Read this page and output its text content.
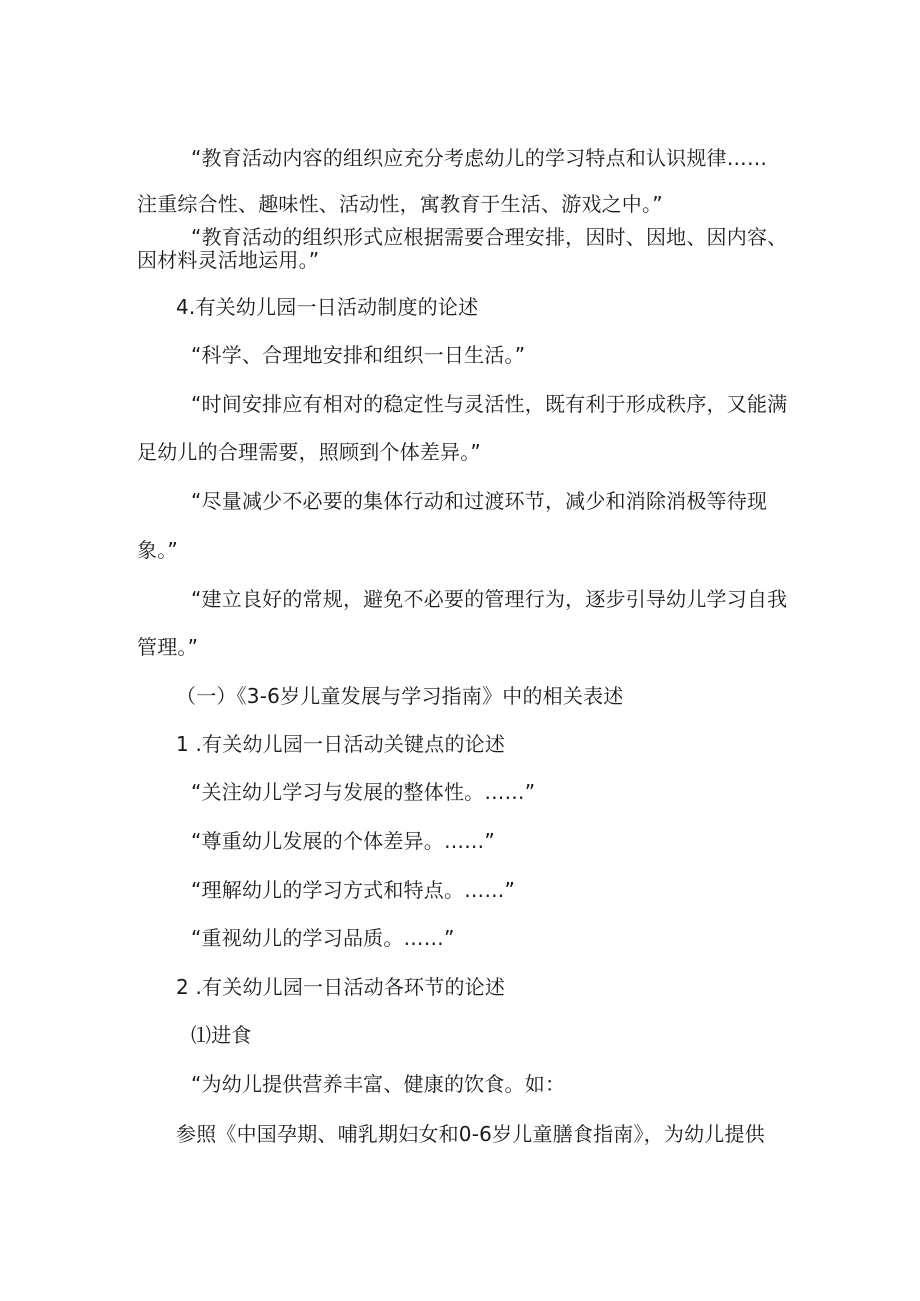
“教育活动内容的组织应充分考虑幼儿的学习特点和认识规律……
注重综合性、趣味性、活动性，寓教育于生活、游戏之中。”
“教育活动的组织形式应根据需要合理安排，因时、因地、因内容、
因材料灵活地运用。”
4.有关幼儿园一日活动制度的论述
“科学、合理地安排和组织一日生活。”
“时间安排应有相对的稳定性与灵活性，既有利于形成秩序，又能满
足幼儿的合理需要，照顾到个体差异。”
“尽量减少不必要的集体行动和过渡环节，减少和消除消极等待现
象。”
“建立良好的常规，避免不必要的管理行为，逐步引导幼儿学习自我
管理。”
（一）《3-6岁儿童发展与学习指南》中的相关表述
1 .有关幼儿园一日活动关键点的论述
“关注幼儿学习与发展的整体性。……”
“尊重幼儿发展的个体差异。……”
“理解幼儿的学习方式和特点。……”
“重视幼儿的学习品质。……”
2 .有关幼儿园一日活动各环节的论述
⑴进食
“为幼儿提供营养丰富、健康的饮食。如：
参照《中国孕期、哺乳期妇女和0-6岁儿童膳食指南》，为幼儿提供
